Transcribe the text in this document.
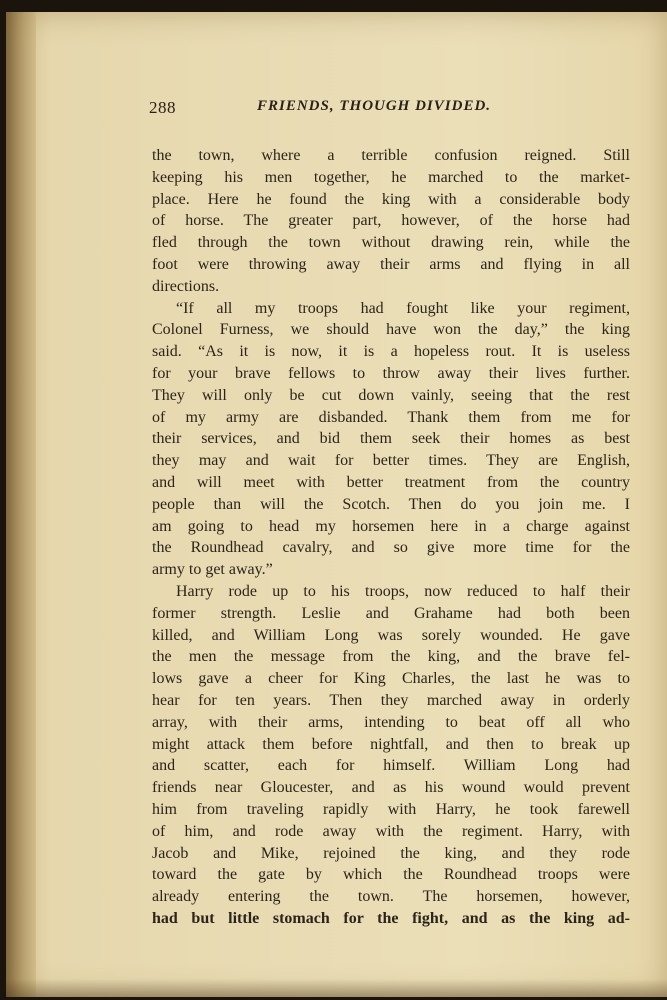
288	FRIENDS, THOUGH DIVIDED.
the town, where a terrible confusion reigned. Still
keeping his men together, he marched to the market-
place. Here he found the king with a considerable body
of horse. The greater part, however, of the horse had
fled through the town without drawing rein, while the
foot were throwing away their arms and flying in all
directions.
“If all my troops had fought like your regiment,
Colonel Furness, we should have won the day,” the king
said. “As it is now, it is a hopeless rout. It is useless
for your brave fellows to throw away their lives further.
They will only be cut down vainly, seeing that the rest
of my army are disbanded. Thank them from me for
their services, and bid them seek their homes as best
they may and wait for better times. They are English,
and will meet with better treatment from the country
people than will the Scotch. Then do you join me. I
am going to head my horsemen here in a charge against
the Roundhead cavalry, and so give more time for the
army to get away.”
Harry rode up to his troops, now reduced to half their
former strength. Leslie and Grahame had both been
killed, and William Long was sorely wounded. He gave
the men the message from the king, and the brave fel-
lows gave a cheer for King Charles, the last he was to
hear for ten years. Then they marched away in orderly
array, with their arms, intending to beat off all who
might attack them before nightfall, and then to break up
and scatter, each for himself. William Long had
friends near Gloucester, and as his wound would prevent
him from traveling rapidly with Harry, he took farewell
of him, and rode away with the regiment. Harry, with
Jacob and Mike, rejoined the king, and they rode
toward the gate by which the Roundhead troops were
already entering the town. The horsemen, however,
had but little stomach for the fight, and as the king ad-
